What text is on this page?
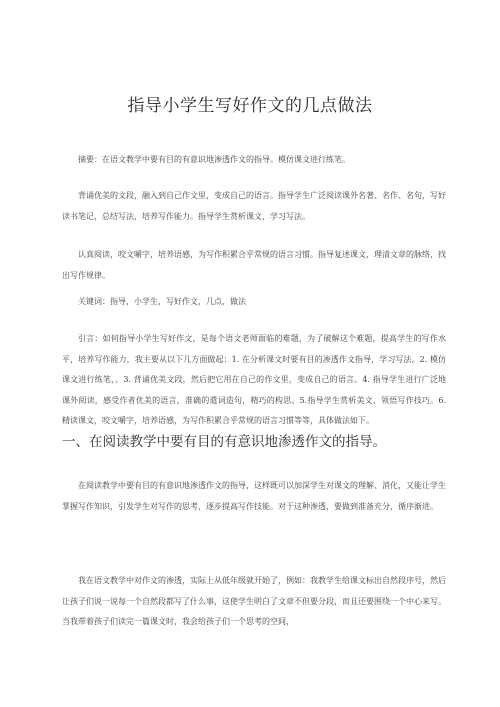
指导小学生写好作文的几点做法

摘要：在语文教学中要有目的有意识地渗透作文的指导。模仿课文进行练笔。

背诵优美的文段，融入到自己作文里，变成自己的语言。指导学生广泛阅读课外名著、名作、名句，写好读书笔记，总结写法，培养写作能力。指导学生赏析课文，学习写法。

认真阅读，咬文嚼字，培养语感，为写作积累合乎常规的语言习惯。指导复述课文，理清文章的脉络，找出写作规律。

关键词：指导，小学生，写好作文，几点，做法

引言：如何指导小学生写好作文，是每个语文老师面临的难题，为了破解这个难题，提高学生的写作水平，培养写作能力，我主要从以下几方面做起：1. 在分析课文时要有目的渗透作文指导，学习写法。2. 模仿课文进行练笔，。3. 背诵优美文段，然后把它用在自己的作文里，变成自己的语言。4. 指导学生进行广泛地课外阅读，感受作者优美的语言，准确的遣词造句，精巧的构思。5.指导学生赏析美文，领悟写作技巧。6. 精读课文，咬文嚼字，培养语感，为写作积累合乎常规的语言习惯等等，具体做法如下。

一、在阅读教学中要有目的有意识地渗透作文的指导。

在阅读教学中要有目的有意识地渗透作文的指导，这样既可以加深学生对课文的理解、消化，又能让学生掌握写作知识，引发学生对写作的思考，逐步提高写作技能。对于这种渗透，要做到准备充分，循序渐进。

我在语文教学中对作文的渗透，实际上从低年级就开始了，例如：我教学生给课文标出自然段序号，然后让孩子们说一说每一个自然段都写了什么事，这使学生明白了文章不但要分段，而且还要围绕一个中心来写。当我带着孩子们读完一篇课文时，我会给孩子们一个思考的空间，
